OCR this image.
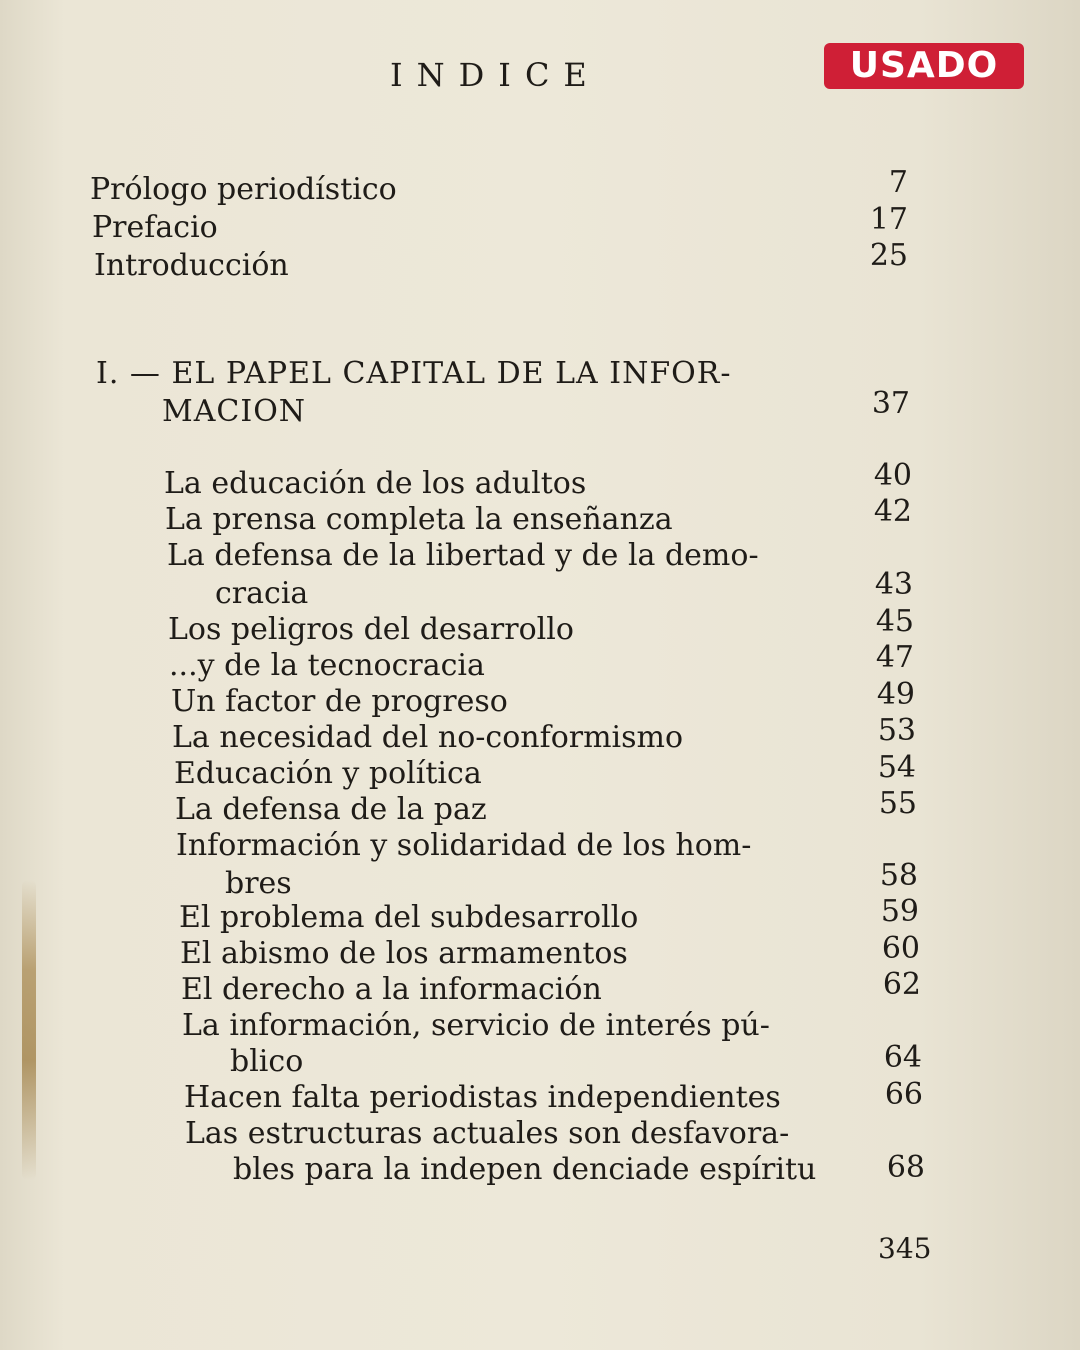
INDICE	USADO
Prólogo periodístico	7
Prefacio	17
Introducción	25
I. — EL PAPEL CAPITAL DE LA INFOR-
MACION	37
La educación de los adultos	40
La prensa completa la enseñanza	42
La defensa de la libertad y de la demo-
cracia	43
Los peligros del desarrollo	45
...y de la tecnocracia	47
Un factor de progreso	49
La necesidad del no-conformismo	53
Educación y política	54
La defensa de la paz	55
Información y solidaridad de los hom-
bres	58
El problema del subdesarrollo	59
El abismo de los armamentos	60
El derecho a la información	62
La información, servicio de interés pú-
blico	64
Hacen falta periodistas independientes	66
Las estructuras actuales son desfavora-
bles para la indepen denciade espíritu	68
345
